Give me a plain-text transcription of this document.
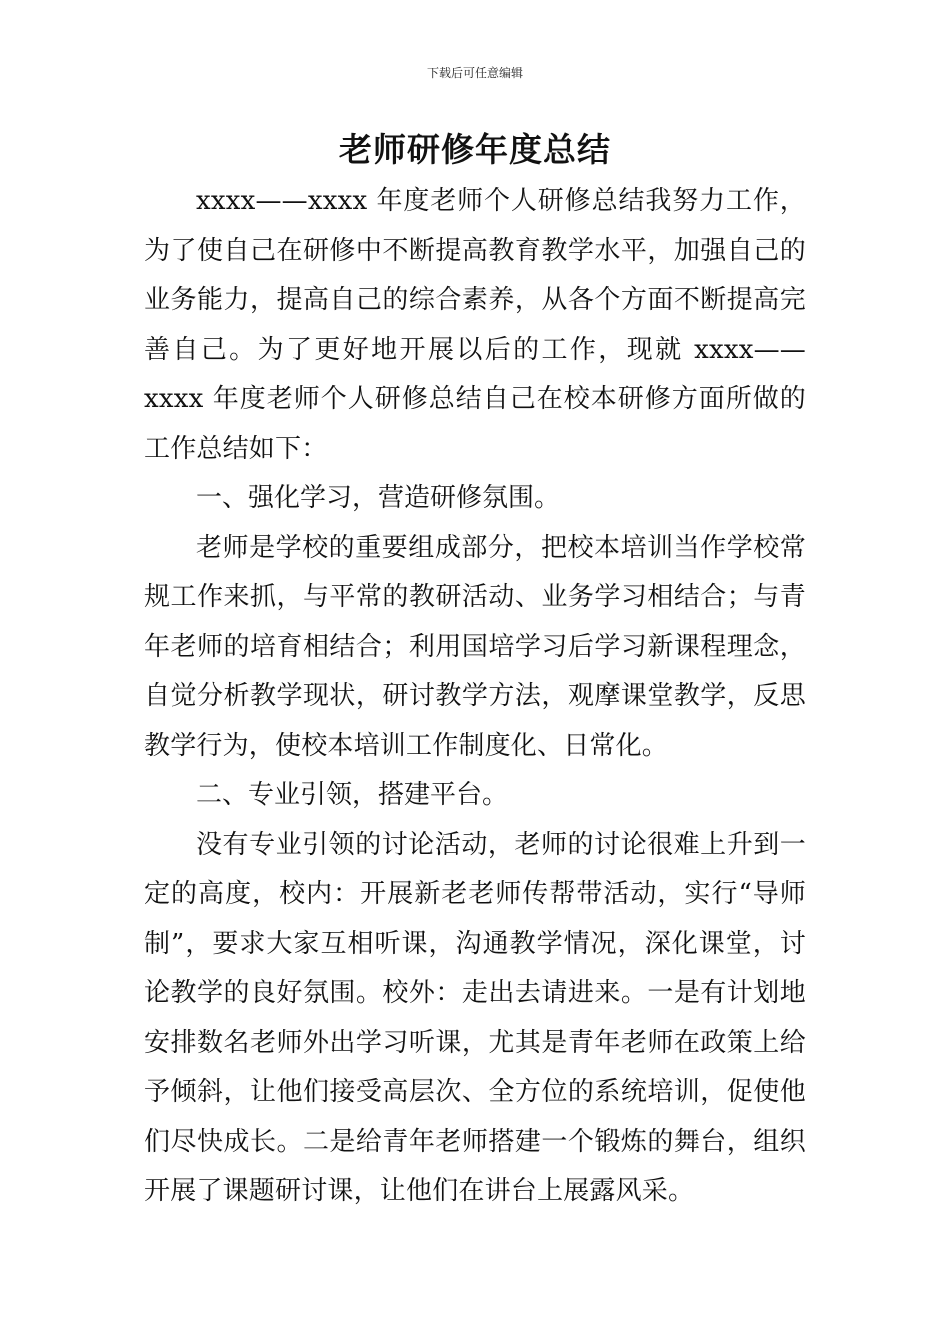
下载后可任意编辑
老师研修年度总结

xxxx——xxxx 年度老师个人研修总结我努力工作，为了使自己在研修中不断提高教育教学水平，加强自己的业务能力，提高自己的综合素养，从各个方面不断提高完善自己。为了更好地开展以后的工作，现就 xxxx——xxxx 年度老师个人研修总结自己在校本研修方面所做的工作总结如下：

一、强化学习，营造研修氛围。

老师是学校的重要组成部分，把校本培训当作学校常规工作来抓，与平常的教研活动、业务学习相结合；与青年老师的培育相结合；利用国培学习后学习新课程理念，自觉分析教学现状，研讨教学方法，观摩课堂教学，反思教学行为，使校本培训工作制度化、日常化。

二、专业引领，搭建平台。

没有专业引领的讨论活动，老师的讨论很难上升到一定的高度，校内：开展新老老师传帮带活动，实行“导师制”，要求大家互相听课，沟通教学情况，深化课堂，讨论教学的良好氛围。校外：走出去请进来。一是有计划地安排数名老师外出学习听课，尤其是青年老师在政策上给予倾斜，让他们接受高层次、全方位的系统培训，促使他们尽快成长。二是给青年老师搭建一个锻炼的舞台，组织开展了课题研讨课，让他们在讲台上展露风采。
